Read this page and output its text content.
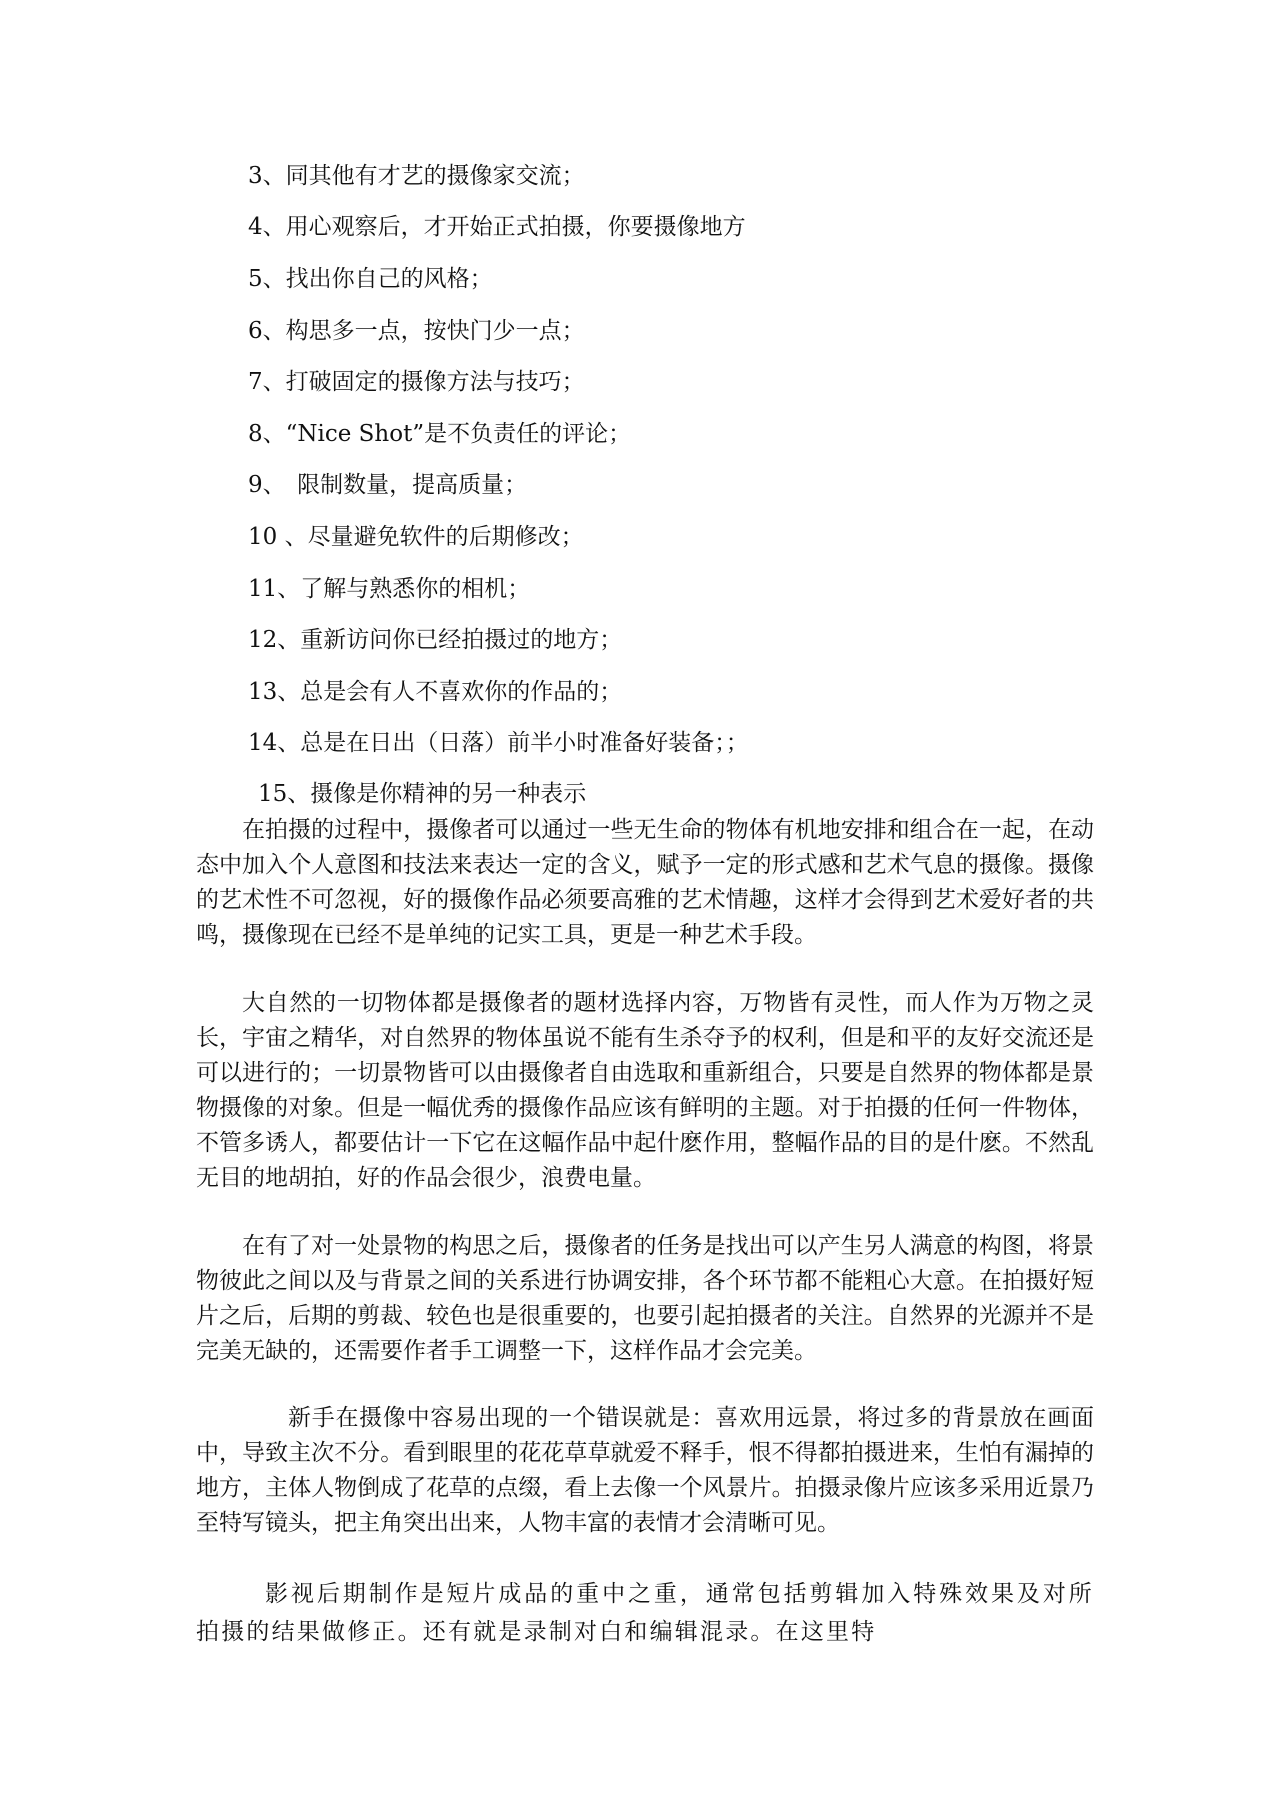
3、同其他有才艺的摄像家交流；
4、用心观察后，才开始正式拍摄，你要摄像地方
5、找出你自己的风格；
6、构思多一点，按快门少一点；
7、打破固定的摄像方法与技巧；
8、“Nice Shot”是不负责任的评论；
9、　限制数量，提高质量；
10 、尽量避免软件的后期修改；
11、了解与熟悉你的相机；
12、重新访问你已经拍摄过的地方；
13、总是会有人不喜欢你的作品的；
14、总是在日出（日落）前半小时准备好装备；；
15、摄像是你精神的另一种表示

在拍摄的过程中，摄像者可以通过一些无生命的物体有机地安排和组合在一起，在动态中加入个人意图和技法来表达一定的含义，赋予一定的形式感和艺术气息的摄像。摄像的艺术性不可忽视，好的摄像作品必须要高雅的艺术情趣，这样才会得到艺术爱好者的共鸣，摄像现在已经不是单纯的记实工具，更是一种艺术手段。

大自然的一切物体都是摄像者的题材选择内容，万物皆有灵性，而人作为万物之灵长，宇宙之精华，对自然界的物体虽说不能有生杀夺予的权利，但是和平的友好交流还是可以进行的；一切景物皆可以由摄像者自由选取和重新组合，只要是自然界的物体都是景物摄像的对象。但是一幅优秀的摄像作品应该有鲜明的主题。对于拍摄的任何一件物体，不管多诱人，都要估计一下它在这幅作品中起什麽作用，整幅作品的目的是什麽。不然乱无目的地胡拍，好的作品会很少，浪费电量。

在有了对一处景物的构思之后，摄像者的任务是找出可以产生另人满意的构图，将景物彼此之间以及与背景之间的关系进行协调安排，各个环节都不能粗心大意。在拍摄好短片之后，后期的剪裁、较色也是很重要的，也要引起拍摄者的关注。自然界的光源并不是完美无缺的，还需要作者手工调整一下，这样作品才会完美。

新手在摄像中容易出现的一个错误就是：喜欢用远景，将过多的背景放在画面中，导致主次不分。看到眼里的花花草草就爱不释手，恨不得都拍摄进来，生怕有漏掉的地方，主体人物倒成了花草的点缀，看上去像一个风景片。拍摄录像片应该多采用近景乃至特写镜头，把主角突出出来，人物丰富的表情才会清晰可见。

影视后期制作是短片成品的重中之重，通常包括剪辑加入特殊效果及对所拍摄的结果做修正。还有就是录制对白和编辑混录。在这里特
